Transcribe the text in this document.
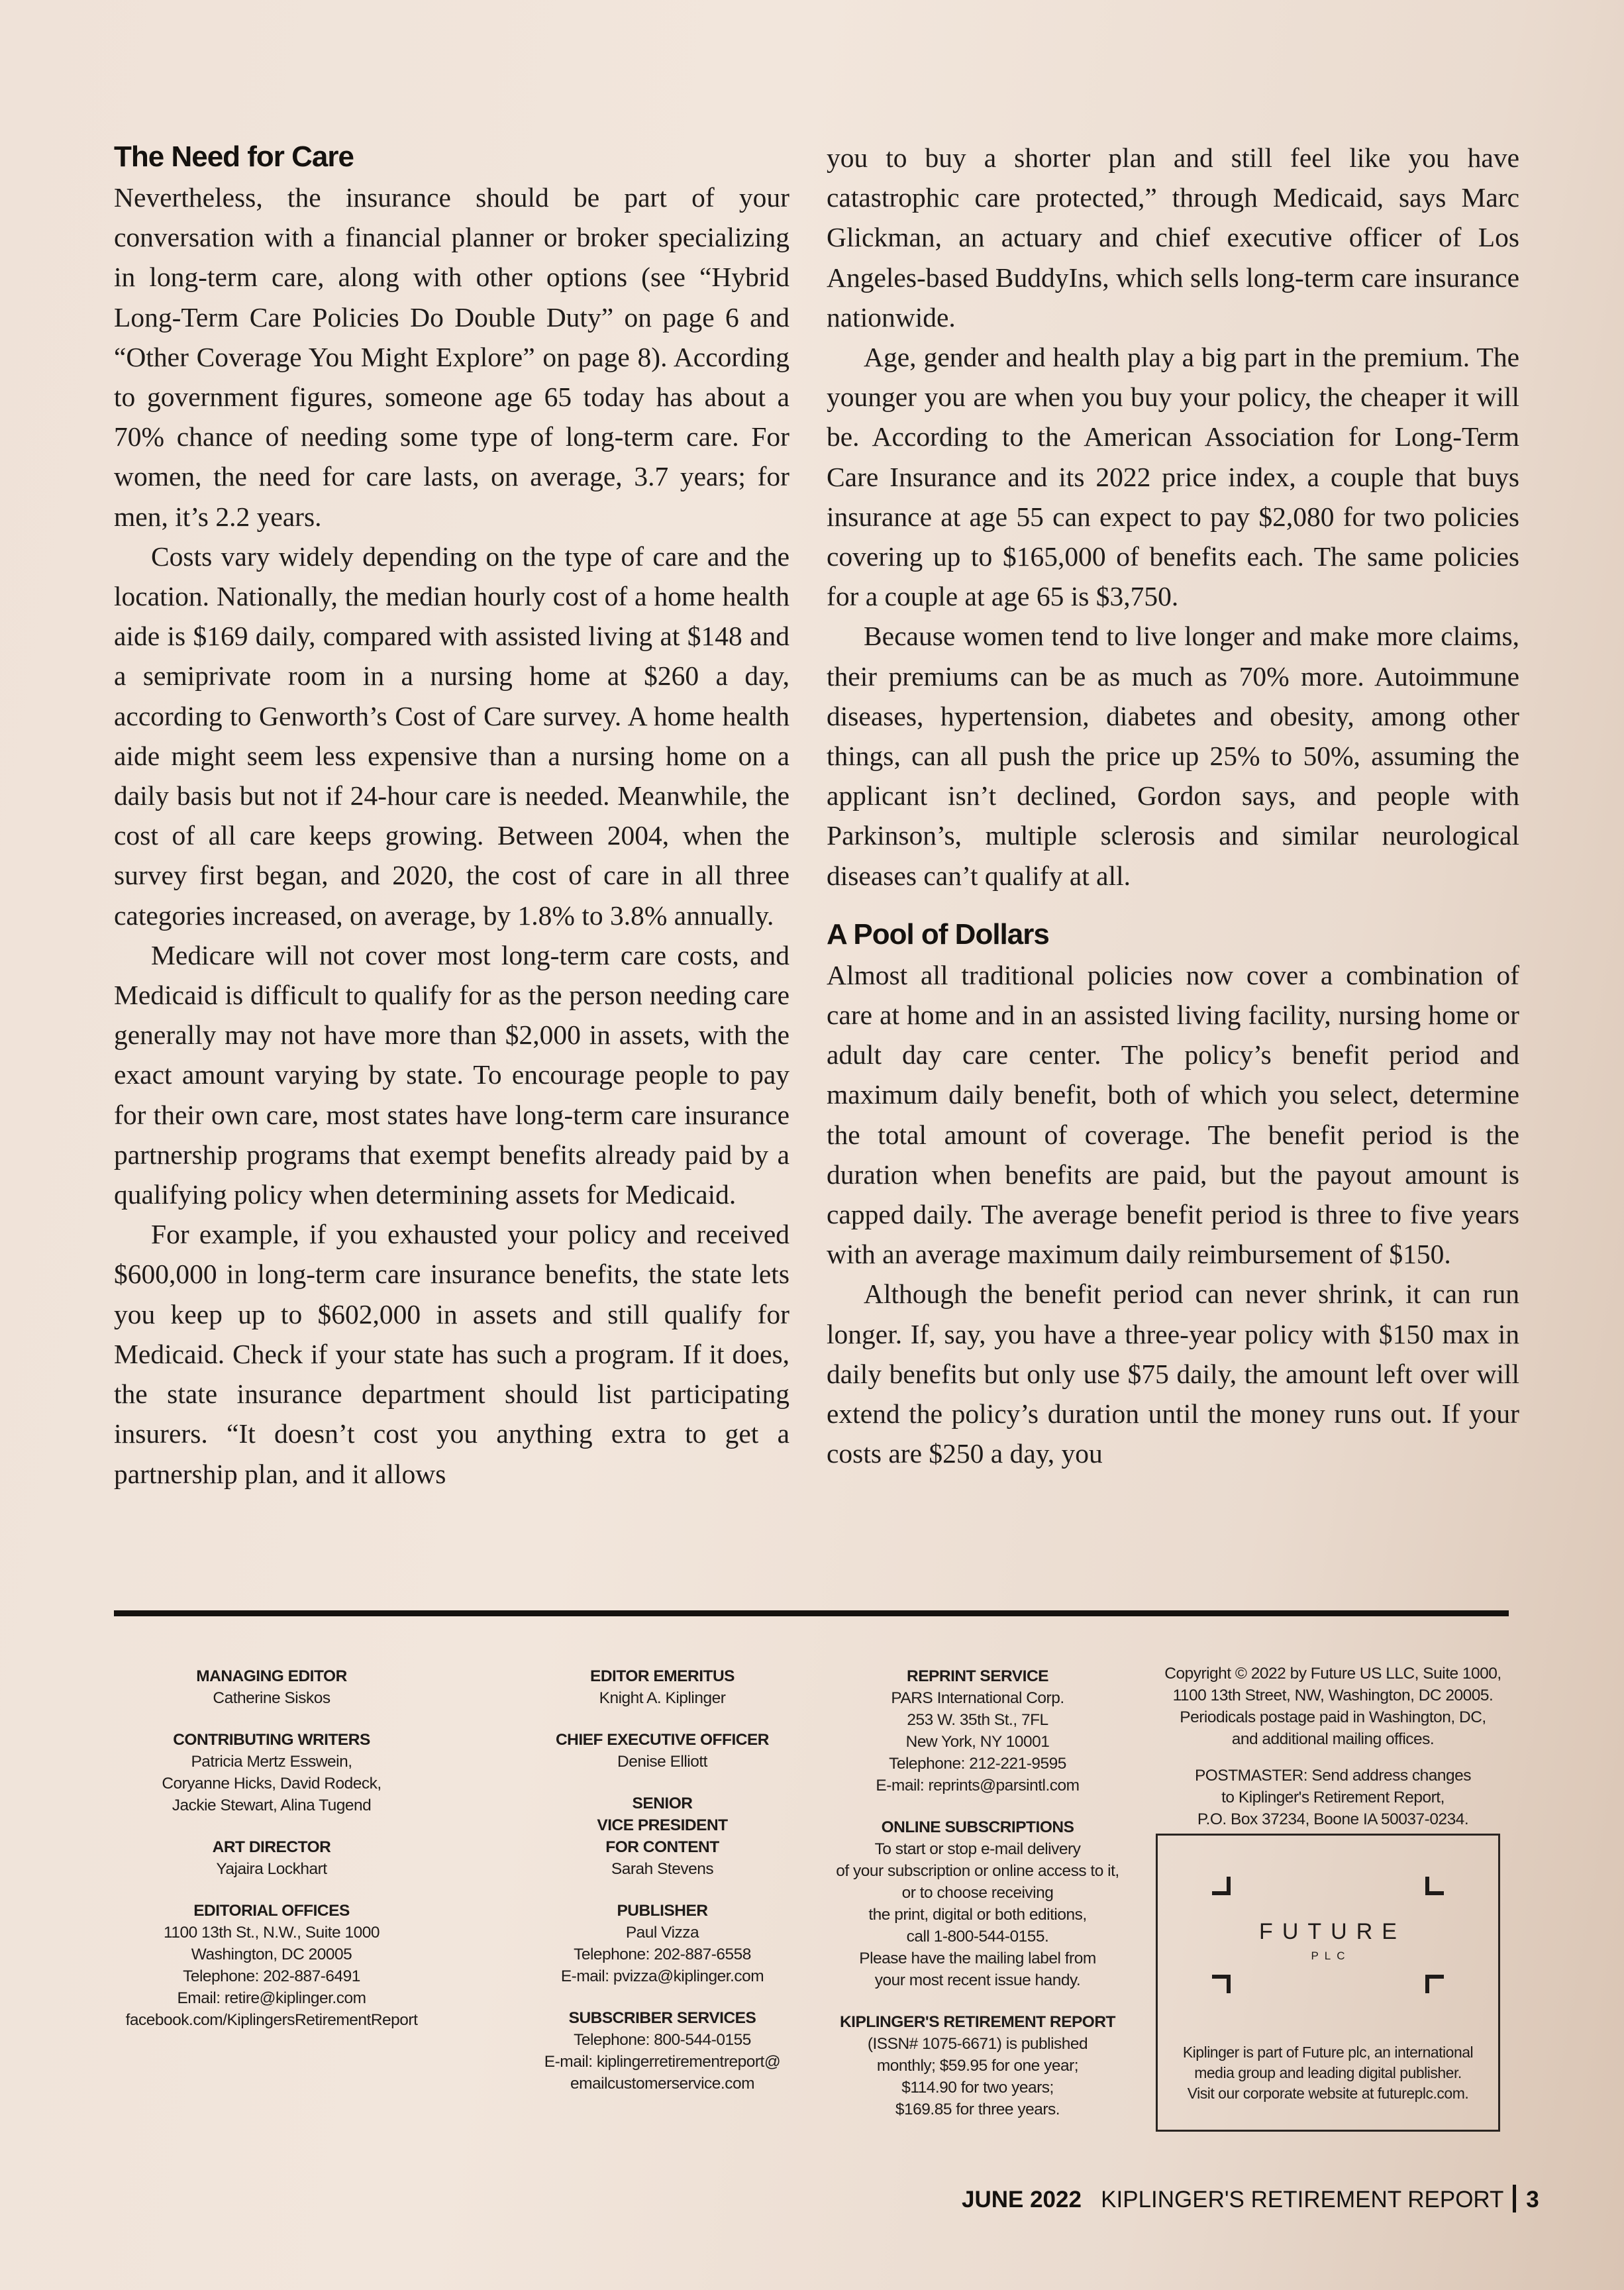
The Need for Care

Nevertheless, the insurance should be part of your conversation with a financial planner or broker specializing in long-term care, along with other options (see “Hybrid Long-Term Care Policies Do Double Duty” on page 6 and “Other Coverage You Might Explore” on page 8). According to government figures, someone age 65 today has about a 70% chance of needing some type of long-term care. For women, the need for care lasts, on average, 3.7 years; for men, it’s 2.2 years.

Costs vary widely depending on the type of care and the location. Nationally, the median hourly cost of a home health aide is $169 daily, compared with assisted living at $148 and a semiprivate room in a nursing home at $260 a day, according to Genworth’s Cost of Care survey. A home health aide might seem less expensive than a nursing home on a daily basis but not if 24-hour care is needed. Meanwhile, the cost of all care keeps growing. Between 2004, when the survey first began, and 2020, the cost of care in all three categories increased, on average, by 1.8% to 3.8% annually.

Medicare will not cover most long-term care costs, and Medicaid is difficult to qualify for as the person needing care generally may not have more than $2,000 in assets, with the exact amount varying by state. To encourage people to pay for their own care, most states have long-term care insurance partnership programs that exempt benefits already paid by a qualifying policy when determining assets for Medicaid.

For example, if you exhausted your policy and received $600,000 in long-term care insurance benefits, the state lets you keep up to $602,000 in assets and still qualify for Medicaid. Check if your state has such a program. If it does, the state insurance department should list participating insurers. “It doesn’t cost you anything extra to get a partnership plan, and it allows

you to buy a shorter plan and still feel like you have catastrophic care protected,” through Medicaid, says Marc Glickman, an actuary and chief executive officer of Los Angeles-based BuddyIns, which sells long-term care insurance nationwide.

Age, gender and health play a big part in the premium. The younger you are when you buy your policy, the cheaper it will be. According to the American Association for Long-Term Care Insurance and its 2022 price index, a couple that buys insurance at age 55 can expect to pay $2,080 for two policies covering up to $165,000 of benefits each. The same policies for a couple at age 65 is $3,750.

Because women tend to live longer and make more claims, their premiums can be as much as 70% more. Autoimmune diseases, hypertension, diabetes and obesity, among other things, can all push the price up 25% to 50%, assuming the applicant isn’t declined, Gordon says, and people with Parkinson’s, multiple sclerosis and similar neurological diseases can’t qualify at all.

A Pool of Dollars

Almost all traditional policies now cover a combination of care at home and in an assisted living facility, nursing home or adult day care center. The policy’s benefit period and maximum daily benefit, both of which you select, determine the total amount of coverage. The benefit period is the duration when benefits are paid, but the payout amount is capped daily. The average benefit period is three to five years with an average maximum daily reimbursement of $150.

Although the benefit period can never shrink, it can run longer. If, say, you have a three-year policy with $150 max in daily benefits but only use $75 daily, the amount left over will extend the policy’s duration until the money runs out. If your costs are $250 a day, you

MANAGING EDITOR
Catherine Siskos
CONTRIBUTING WRITERS
Patricia Mertz Esswein,
Coryanne Hicks, David Rodeck,
Jackie Stewart, Alina Tugend
ART DIRECTOR
Yajaira Lockhart
EDITORIAL OFFICES
1100 13th St., N.W., Suite 1000
Washington, DC 20005
Telephone: 202-887-6491
Email: retire@kiplinger.com
facebook.com/KiplingersRetirementReport
EDITOR EMERITUS
Knight A. Kiplinger
CHIEF EXECUTIVE OFFICER
Denise Elliott
SENIOR
VICE PRESIDENT
FOR CONTENT
Sarah Stevens
PUBLISHER
Paul Vizza
Telephone: 202-887-6558
E-mail: pvizza@kiplinger.com
SUBSCRIBER SERVICES
Telephone: 800-544-0155
E-mail: kiplingerretirementreport@
emailcustomerservice.com
REPRINT SERVICE
PARS International Corp.
253 W. 35th St., 7FL
New York, NY 10001
Telephone: 212-221-9595
E-mail: reprints@parsintl.com
ONLINE SUBSCRIPTIONS
To start or stop e-mail delivery
of your subscription or online access to it,
or to choose receiving
the print, digital or both editions,
call 1-800-544-0155.
Please have the mailing label from
your most recent issue handy.
KIPLINGER'S RETIREMENT REPORT
(ISSN# 1075-6671) is published
monthly; $59.95 for one year;
$114.90 for two years;
$169.85 for three years.
Copyright © 2022 by Future US LLC, Suite 1000,
1100 13th Street, NW, Washington, DC 20005.
Periodicals postage paid in Washington, DC,
and additional mailing offices.
POSTMASTER: Send address changes
to Kiplinger's Retirement Report,
P.O. Box 37234, Boone IA 50037-0234.
FUTURE
PLC
Kiplinger is part of Future plc, an international
media group and leading digital publisher.
Visit our corporate website at futureplc.com.
JUNE 2022 KIPLINGER'S RETIREMENT REPORT 3
